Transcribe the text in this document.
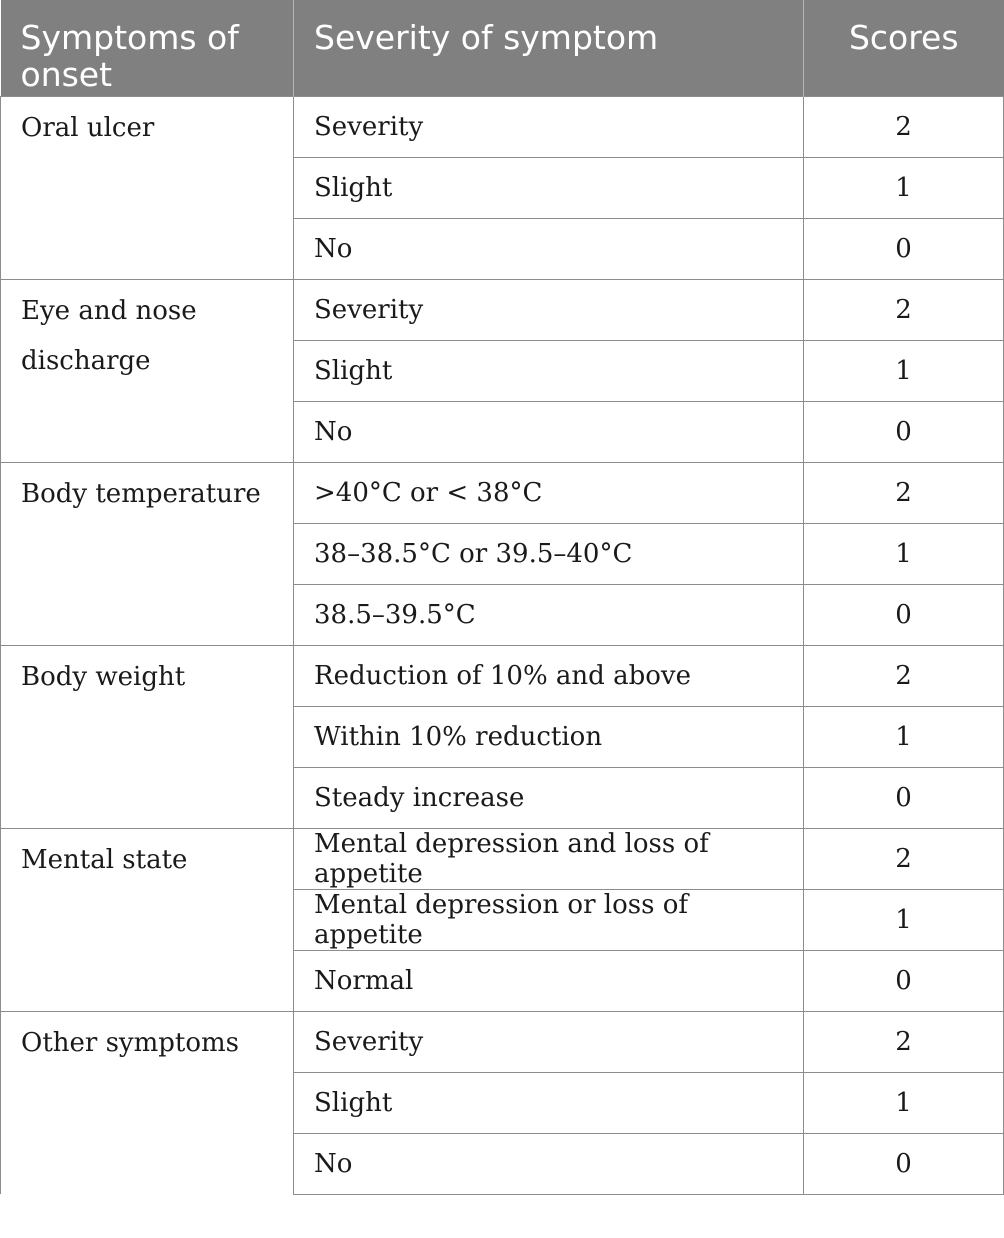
Symptoms of onset	Severity of symptom	Scores

Oral ulcer	Severity	2
	Slight	1
	No	0

Eye and nose discharge	Severity	2
	Slight	1
	No	0

Body temperature	>40°C or < 38°C	2
	38–38.5°C or 39.5–40°C	1
	38.5–39.5°C	0

Body weight	Reduction of 10% and above	2
	Within 10% reduction	1
	Steady increase	0

Mental state	Mental depression and loss of appetite	2
	Mental depression or loss of appetite	1
	Normal	0

Other symptoms	Severity	2
	Slight	1
	No	0
